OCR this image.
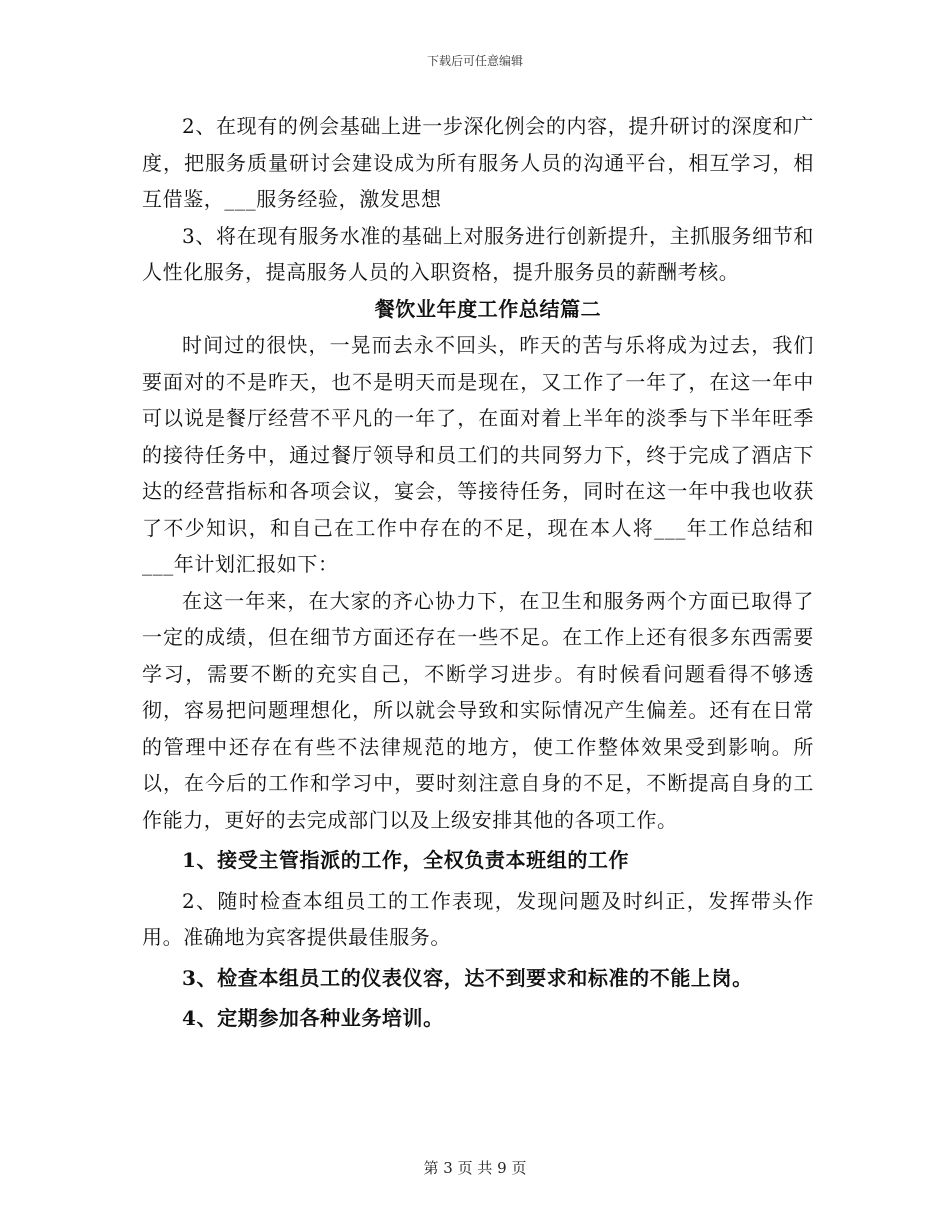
下载后可任意编辑

2、在现有的例会基础上进一步深化例会的内容，提升研讨的深度和广度，把服务质量研讨会建设成为所有服务人员的沟通平台，相互学习，相互借鉴，___服务经验，激发思想

3、将在现有服务水准的基础上对服务进行创新提升，主抓服务细节和人性化服务，提高服务人员的入职资格，提升服务员的薪酬考核。

餐饮业年度工作总结篇二

时间过的很快，一晃而去永不回头，昨天的苦与乐将成为过去，我们要面对的不是昨天，也不是明天而是现在，又工作了一年了，在这一年中可以说是餐厅经营不平凡的一年了，在面对着上半年的淡季与下半年旺季的接待任务中，通过餐厅领导和员工们的共同努力下，终于完成了酒店下达的经营指标和各项会议，宴会，等接待任务，同时在这一年中我也收获了不少知识，和自己在工作中存在的不足，现在本人将___年工作总结和___年计划汇报如下：

在这一年来，在大家的齐心协力下，在卫生和服务两个方面已取得了一定的成绩，但在细节方面还存在一些不足。在工作上还有很多东西需要学习，需要不断的充实自己，不断学习进步。有时候看问题看得不够透彻，容易把问题理想化，所以就会导致和实际情况产生偏差。还有在日常的管理中还存在有些不法律规范的地方，使工作整体效果受到影响。所以，在今后的工作和学习中，要时刻注意自身的不足，不断提高自身的工作能力，更好的去完成部门以及上级安排其他的各项工作。

1、接受主管指派的工作，全权负责本班组的工作

2、随时检查本组员工的工作表现，发现问题及时纠正，发挥带头作用。准确地为宾客提供最佳服务。

3、检查本组员工的仪表仪容，达不到要求和标准的不能上岗。

4、定期参加各种业务培训。

第 3 页 共 9 页
